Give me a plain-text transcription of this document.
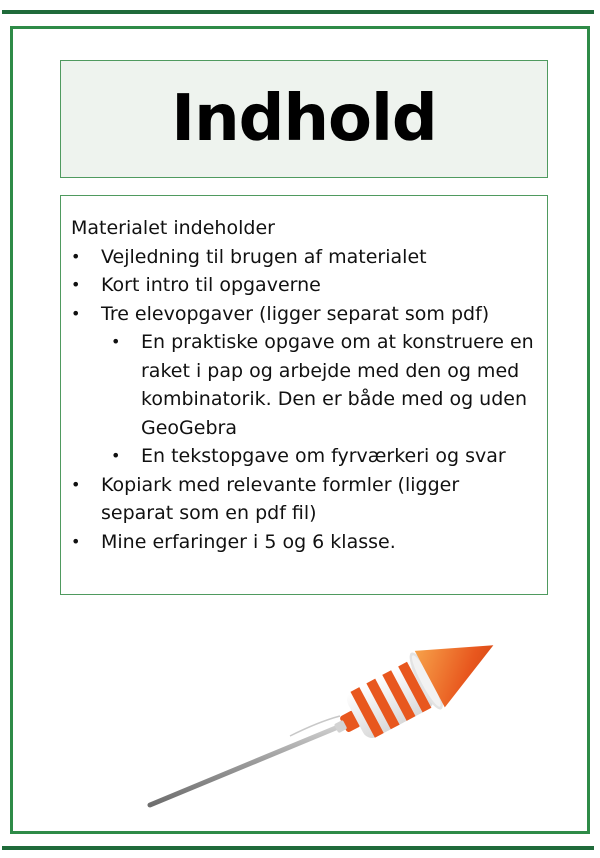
Indhold

Materialet indeholder

• Vejledning til brugen af materialet
• Kort intro til opgaverne
• Tre elevopgaver (ligger separat som pdf)
• En praktiske opgave om at konstruere en raket i pap og arbejde med den og med kombinatorik. Den er både med og uden GeoGebra
• En tekstopgave om fyrværkeri og svar
• Kopiark med relevante formler (ligger separat som en pdf fil)
• Mine erfaringer i 5 og 6 klasse.
